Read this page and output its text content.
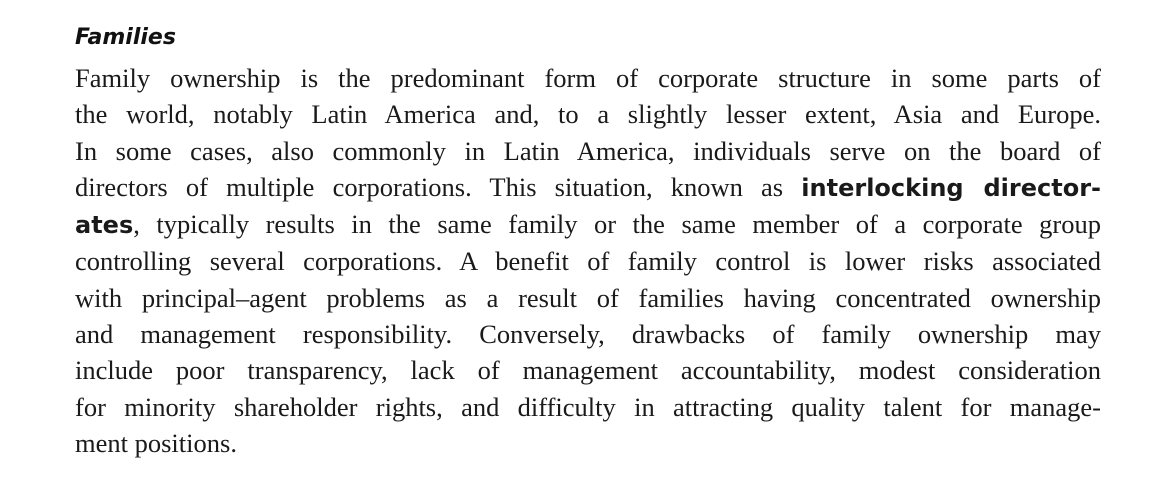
Families
Family ownership is the predominant form of corporate structure in some parts of
the world, notably Latin America and, to a slightly lesser extent, Asia and Europe.
In some cases, also commonly in Latin America, individuals serve on the board of
directors of multiple corporations. This situation, known as interlocking director-
ates, typically results in the same family or the same member of a corporate group
controlling several corporations. A benefit of family control is lower risks associated
with principal–agent problems as a result of families having concentrated ownership
and management responsibility. Conversely, drawbacks of family ownership may
include poor transparency, lack of management accountability, modest consideration
for minority shareholder rights, and difficulty in attracting quality talent for manage-
ment positions.
